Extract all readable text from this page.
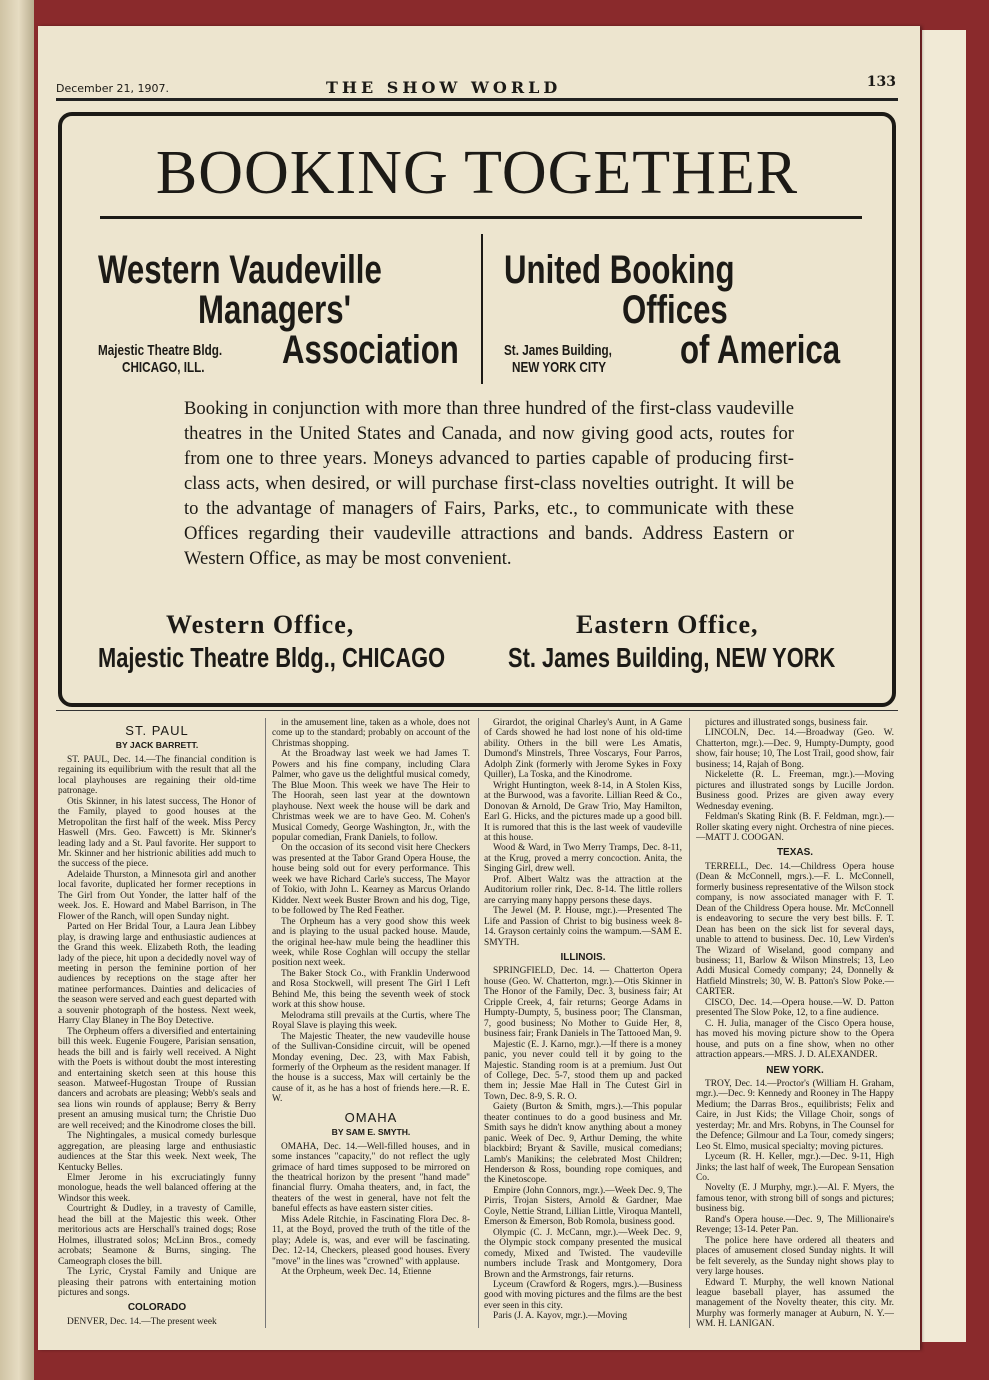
December 21, 1907.	THE SHOW WORLD	133
BOOKING TOGETHER
Western Vaudeville
Managers'
Association
Majestic Theatre Bldg.
CHICAGO, ILL.
United Booking
Offices
of America
St. James Building,
NEW YORK CITY
Booking in conjunction with more than three hundred of the first-class vaudeville theatres in the United States and Canada, and now giving good acts, routes for from one to three years. Moneys advanced to parties capable of producing first-class acts, when desired, or will purchase first-class novelties outright. It will be to the advantage of managers of Fairs, Parks, etc., to communicate with these Offices regarding their vaudeville attractions and bands. Address Eastern or Western Office, as may be most convenient.
Western Office,
Majestic Theatre Bldg., CHICAGO
Eastern Office,
St. James Building, NEW YORK
ST. PAUL
BY JACK BARRETT.

ST. PAUL, Dec. 14.—The financial condition is regaining its equilibrium with the result that all the local playhouses are regaining their old-time patronage.

Otis Skinner, in his latest success, The Honor of the Family, played to good houses at the Metropolitan the first half of the week. Miss Percy Haswell (Mrs. Geo. Fawcett) is Mr. Skinner's leading lady and a St. Paul favorite. Her support to Mr. Skinner and her histrionic abilities add much to the success of the piece.

Adelaide Thurston, a Minnesota girl and another local favorite, duplicated her former receptions in The Girl from Out Yonder, the latter half of the week. Jos. E. Howard and Mabel Barrison, in The Flower of the Ranch, will open Sunday night.

Parted on Her Bridal Tour, a Laura Jean Libbey play, is drawing large and enthusiastic audiences at the Grand this week. Elizabeth Roth, the leading lady of the piece, hit upon a decidedly novel way of meeting in person the feminine portion of her audiences by receptions on the stage after her matinee performances. Dainties and delicacies of the season were served and each guest departed with a souvenir photograph of the hostess. Next week, Harry Clay Blaney in The Boy Detective.

The Orpheum offers a diversified and entertaining bill this week. Eugenie Fougere, Parisian sensation, heads the bill and is fairly well received. A Night with the Poets is without doubt the most interesting and entertaining sketch seen at this house this season. Matweef-Hugostan Troupe of Russian dancers and acrobats are pleasing; Webb's seals and sea lions win rounds of applause; Berry & Berry present an amusing musical turn; the Christie Duo are well received; and the Kinodrome closes the bill.

The Nightingales, a musical comedy burlesque aggregation, are pleasing large and enthusiastic audiences at the Star this week. Next week, The Kentucky Belles.

Elmer Jerome in his excruciatingly funny monologue, heads the well balanced offering at the Windsor this week.

Courtright & Dudley, in a travesty of Camille, head the bill at the Majestic this week. Other meritorious acts are Herschall's trained dogs; Rose Holmes, illustrated solos; McLinn Bros., comedy acrobats; Seamone & Burns, singing. The Cameograph closes the bill.

The Lyric, Crystal Family and Unique are pleasing their patrons with entertaining motion pictures and songs.

COLORADO

DENVER, Dec. 14.—The present week

in the amusement line, taken as a whole, does not come up to the standard; probably on account of the Christmas shopping.

At the Broadway last week we had James T. Powers and his fine company, including Clara Palmer, who gave us the delightful musical comedy, The Blue Moon. This week we have The Heir to The Hoorah, seen last year at the downtown playhouse. Next week the house will be dark and Christmas week we are to have Geo. M. Cohen's Musical Comedy, George Washington, Jr., with the popular comedian, Frank Daniels, to follow.

On the occasion of its second visit here Checkers was presented at the Tabor Grand Opera House, the house being sold out for every performance. This week we have Richard Carle's success, The Mayor of Tokio, with John L. Kearney as Marcus Orlando Kidder. Next week Buster Brown and his dog, Tige, to be followed by The Red Feather.

The Orpheum has a very good show this week and is playing to the usual packed house. Maude, the original hee-haw mule being the headliner this week, while Rose Coghlan will occupy the stellar position next week.

The Baker Stock Co., with Franklin Underwood and Rosa Stockwell, will present The Girl I Left Behind Me, this being the seventh week of stock work at this show house.

Melodrama still prevails at the Curtis, where The Royal Slave is playing this week.

The Majestic Theater, the new vaudeville house of the Sullivan-Considine circuit, will be opened Monday evening, Dec. 23, with Max Fabish, formerly of the Orpheum as the resident manager. If the house is a success, Max will certainly be the cause of it, as he has a host of friends here.—R. E. W.

OMAHA
BY SAM E. SMYTH.

OMAHA, Dec. 14.—Well-filled houses, and in some instances "capacity," do not reflect the ugly grimace of hard times supposed to be mirrored on the theatrical horizon by the present "hand made" financial flurry. Omaha theaters, and, in fact, the theaters of the west in general, have not felt the baneful effects as have eastern sister cities.

Miss Adele Ritchie, in Fascinating Flora Dec. 8-11, at the Boyd, proved the truth of the title of the play; Adele is, was, and ever will be fascinating. Dec. 12-14, Checkers, pleased good houses. Every "move" in the lines was "crowned" with applause.

At the Orpheum, week Dec. 14, Etienne

Girardot, the original Charley's Aunt, in A Game of Cards showed he had lost none of his old-time ability. Others in the bill were Les Amatis, Dumond's Minstrels, Three Voscarys, Four Parros, Adolph Zink (formerly with Jerome Sykes in Foxy Quiller), La Toska, and the Kinodrome.

Wright Huntington, week 8-14, in A Stolen Kiss, at the Burwood, was a favorite. Lillian Reed & Co., Donovan & Arnold, De Graw Trio, May Hamilton, Earl G. Hicks, and the pictures made up a good bill. It is rumored that this is the last week of vaudeville at this house.

Wood & Ward, in Two Merry Tramps, Dec. 8-11, at the Krug, proved a merry concoction. Anita, the Singing Girl, drew well.

Prof. Albert Waltz was the attraction at the Auditorium roller rink, Dec. 8-14. The little rollers are carrying many happy persons these days.

The Jewel (M. P. House, mgr.).—Presented The Life and Passion of Christ to big business week 8-14. Grayson certainly coins the wampum.—SAM E. SMYTH.

ILLINOIS.

SPRINGFIELD, Dec. 14. — Chatterton Opera house (Geo. W. Chatterton, mgr.).—Otis Skinner in The Honor of the Family, Dec. 3, business fair; At Cripple Creek, 4, fair returns; George Adams in Humpty-Dumpty, 5, business poor; The Clansman, 7, good business; No Mother to Guide Her, 8, business fair; Frank Daniels in The Tattooed Man, 9.

Majestic (E. J. Karno, mgr.).—If there is a money panic, you never could tell it by going to the Majestic. Standing room is at a premium. Just Out of College, Dec. 5-7, stood them up and packed them in; Jessie Mae Hall in The Cutest Girl in Town, Dec. 8-9, S. R. O.

Gaiety (Burton & Smith, mgrs.).—This popular theater continues to do a good business and Mr. Smith says he didn't know anything about a money panic. Week of Dec. 9, Arthur Deming, the white blackbird; Bryant & Saville, musical comedians; Lamb's Manikins; the celebrated Most Children; Henderson & Ross, bounding rope comiques, and the Kinetoscope.

Empire (John Connors, mgr.).—Week Dec. 9, The Pirris, Trojan Sisters, Arnold & Gardner, Mae Coyle, Nettie Strand, Lillian Little, Viroqua Mantell, Emerson & Emerson, Bob Romola, business good.

Olympic (C. J. McCann, mgr.).—Week Dec. 9, the Olympic stock company presented the musical comedy, Mixed and Twisted. The vaudeville numbers include Trask and Montgomery, Dora Brown and the Armstrongs, fair returns.

Lyceum (Crawford & Rogers, mgrs.).—Business good with moving pictures and the films are the best ever seen in this city.

Paris (J. A. Kayov, mgr.).—Moving

pictures and illustrated songs, business fair.

LINCOLN, Dec. 14.—Broadway (Geo. W. Chatterton, mgr.).—Dec. 9, Humpty-Dumpty, good show, fair house; 10, The Lost Trail, good show, fair business; 14, Rajah of Bong.

Nickelette (R. L. Freeman, mgr.).—Moving pictures and illustrated songs by Lucille Jordon. Business good. Prizes are given away every Wednesday evening.

Feldman's Skating Rink (B. F. Feldman, mgr.).—Roller skating every night. Orchestra of nine pieces.—MATT J. COOGAN.

TEXAS.

TERRELL, Dec. 14.—Childress Opera house (Dean & McConnell, mgrs.).—F. L. McConnell, formerly business representative of the Wilson stock company, is now associated manager with F. T. Dean of the Childress Opera house. Mr. McConnell is endeavoring to secure the very best bills. F. T. Dean has been on the sick list for several days, unable to attend to business. Dec. 10, Lew Virden's The Wizard of Wiseland, good company and business; 11, Barlow & Wilson Minstrels; 13, Leo Addi Musical Comedy company; 24, Donnelly & Hatfield Minstrels; 30, W. B. Patton's Slow Poke.—CARTER.

CISCO, Dec. 14.—Opera house.—W. D. Patton presented The Slow Poke, 12, to a fine audience.

C. H. Julia, manager of the Cisco Opera house, has moved his moving picture show to the Opera house, and puts on a fine show, when no other attraction appears.—MRS. J. D. ALEXANDER.

NEW YORK.

TROY, Dec. 14.—Proctor's (William H. Graham, mgr.).—Dec. 9: Kennedy and Rooney in The Happy Medium; the Darras Bros., equilibrists; Felix and Caire, in Just Kids; the Village Choir, songs of yesterday; Mr. and Mrs. Robyns, in The Counsel for the Defence; Gilmour and La Tour, comedy singers; Leo St. Elmo, musical specialty; moving pictures.

Lyceum (R. H. Keller, mgr.).—Dec. 9-11, High Jinks; the last half of week, The European Sensation Co.

Novelty (E. J Murphy, mgr.).—Al. F. Myers, the famous tenor, with strong bill of songs and pictures; business big.

Rand's Opera house.—Dec. 9, The Millionaire's Revenge; 13-14. Peter Pan.

The police here have ordered all theaters and places of amusement closed Sunday nights. It will be felt severely, as the Sunday night shows play to very large houses.

Edward T. Murphy, the well known National league baseball player, has assumed the management of the Novelty theater, this city. Mr. Murphy was formerly manager at Auburn, N. Y.—WM. H. LANIGAN.
